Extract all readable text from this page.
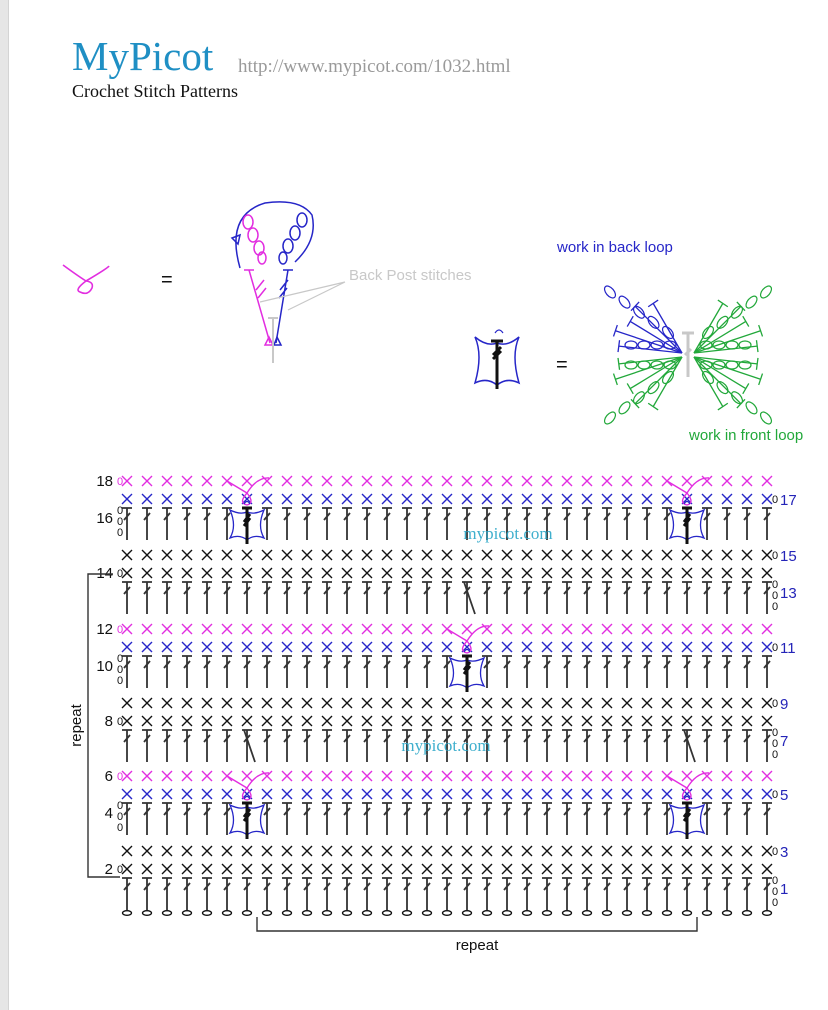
MyPicot http://www.mypicot.com/1032.html
Crochet Stitch Patterns
=	Back Post stitches
=
work in back loop
work in front loop
0
18
0 17
0
0
0
16
0 15
0
14
0
0
0
13
0
12
0 11
0
0
0
10
0 9
0
8
0
0
0
7
0
6
0 5
0
0
0
4
0 3
0
2
0
0
0
1
repeat
repeat
mypicot.com
mypicot.com
